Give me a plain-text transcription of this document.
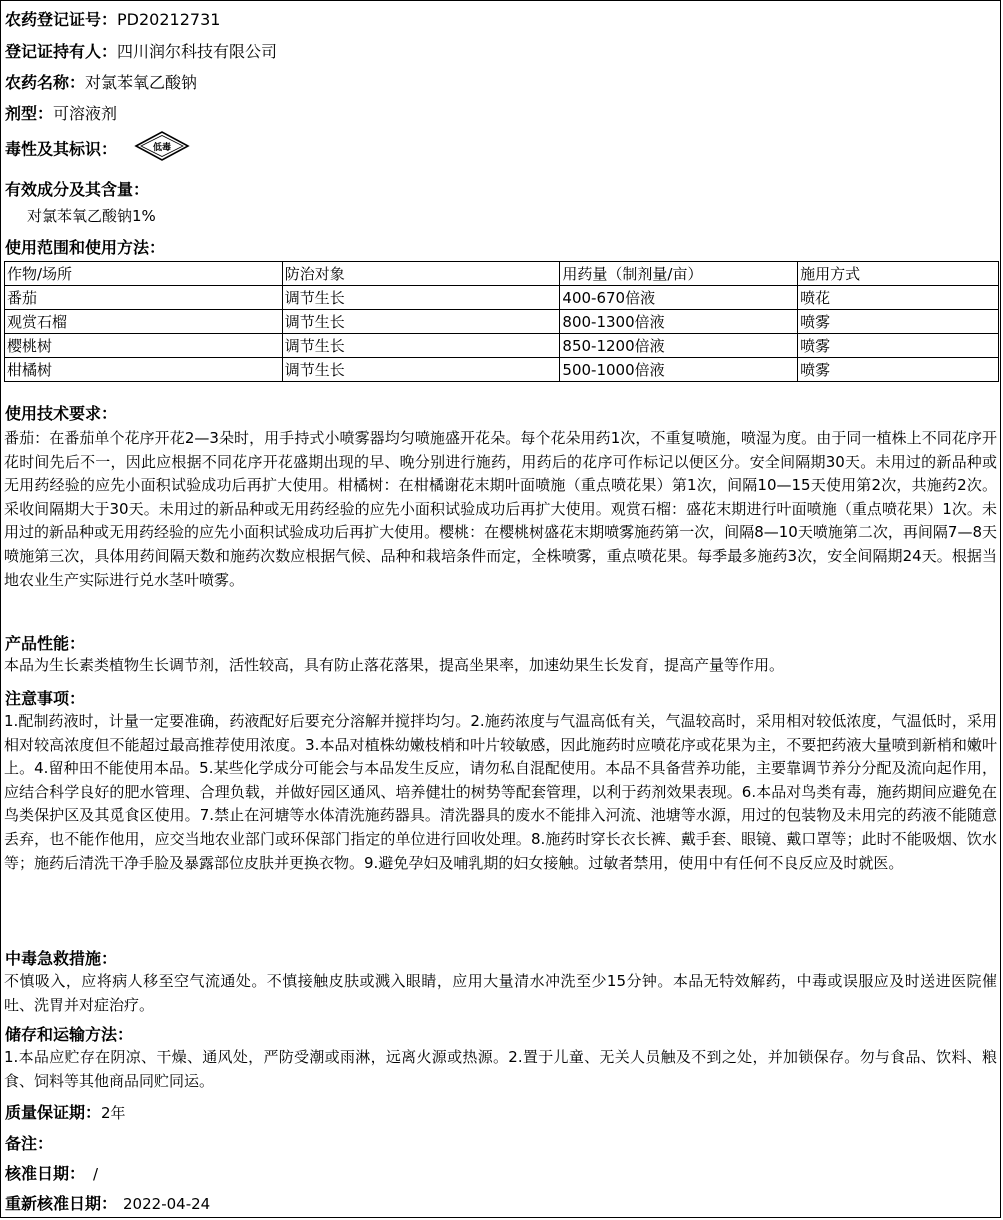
农药登记证号：PD20212731
登记证持有人：四川润尔科技有限公司
农药名称：对氯苯氧乙酸钠
剂型：可溶液剂
毒性及其标识：	低毒
有效成分及其含量：
对氯苯氧乙酸钠1%
使用范围和使用方法：
作物/场所	防治对象	用药量（制剂量/亩）	施用方式
番茄	调节生长	400-670倍液	喷花
观赏石榴	调节生长	800-1300倍液	喷雾
樱桃树	调节生长	850-1200倍液	喷雾
柑橘树	调节生长	500-1000倍液	喷雾
使用技术要求：
番茄：在番茄单个花序开花2—3朵时，用手持式小喷雾器均匀喷施盛开花朵。每个花朵用药1次，不重复喷施，喷湿为度。由于同一植株上不同花序开花时间先后不一，因此应根据不同花序开花盛期出现的早、晚分别进行施药，用药后的花序可作标记以便区分。安全间隔期30天。未用过的新品种或无用药经验的应先小面积试验成功后再扩大使用。柑橘树：在柑橘谢花末期叶面喷施（重点喷花果）第1次，间隔10—15天使用第2次，共施药2次。采收间隔期大于30天。未用过的新品种或无用药经验的应先小面积试验成功后再扩大使用。观赏石榴：盛花末期进行叶面喷施（重点喷花果）1次。未用过的新品种或无用药经验的应先小面积试验成功后再扩大使用。樱桃：在樱桃树盛花末期喷雾施药第一次，间隔8—10天喷施第二次，再间隔7—8天喷施第三次，具体用药间隔天数和施药次数应根据气候、品种和栽培条件而定，全株喷雾，重点喷花果。每季最多施药3次，安全间隔期24天。根据当地农业生产实际进行兑水茎叶喷雾。
产品性能：
本品为生长素类植物生长调节剂，活性较高，具有防止落花落果，提高坐果率，加速幼果生长发育，提高产量等作用。
注意事项：
1.配制药液时，计量一定要准确，药液配好后要充分溶解并搅拌均匀。2.施药浓度与气温高低有关，气温较高时，采用相对较低浓度，气温低时，采用相对较高浓度但不能超过最高推荐使用浓度。3.本品对植株幼嫩枝梢和叶片较敏感，因此施药时应喷花序或花果为主，不要把药液大量喷到新梢和嫩叶上。4.留种田不能使用本品。5.某些化学成分可能会与本品发生反应，请勿私自混配使用。本品不具备营养功能，主要靠调节养分分配及流向起作用，应结合科学良好的肥水管理、合理负载，并做好园区通风、培养健壮的树势等配套管理，以利于药剂效果表现。6.本品对鸟类有毒，施药期间应避免在鸟类保护区及其觅食区使用。7.禁止在河塘等水体清洗施药器具。清洗器具的废水不能排入河流、池塘等水源，用过的包装物及未用完的药液不能随意丢弃，也不能作他用，应交当地农业部门或环保部门指定的单位进行回收处理。8.施药时穿长衣长裤、戴手套、眼镜、戴口罩等；此时不能吸烟、饮水等；施药后清洗干净手脸及暴露部位皮肤并更换衣物。9.避免孕妇及哺乳期的妇女接触。过敏者禁用，使用中有任何不良反应及时就医。
中毒急救措施：
不慎吸入，应将病人移至空气流通处。不慎接触皮肤或溅入眼睛，应用大量清水冲洗至少15分钟。本品无特效解药，中毒或误服应及时送进医院催吐、洗胃并对症治疗。
储存和运输方法：
1.本品应贮存在阴凉、干燥、通风处，严防受潮或雨淋，远离火源或热源。2.置于儿童、无关人员触及不到之处，并加锁保存。勿与食品、饮料、粮食、饲料等其他商品同贮同运。
质量保证期：2年
备注：
核准日期： /
重新核准日期： 2022-04-24
